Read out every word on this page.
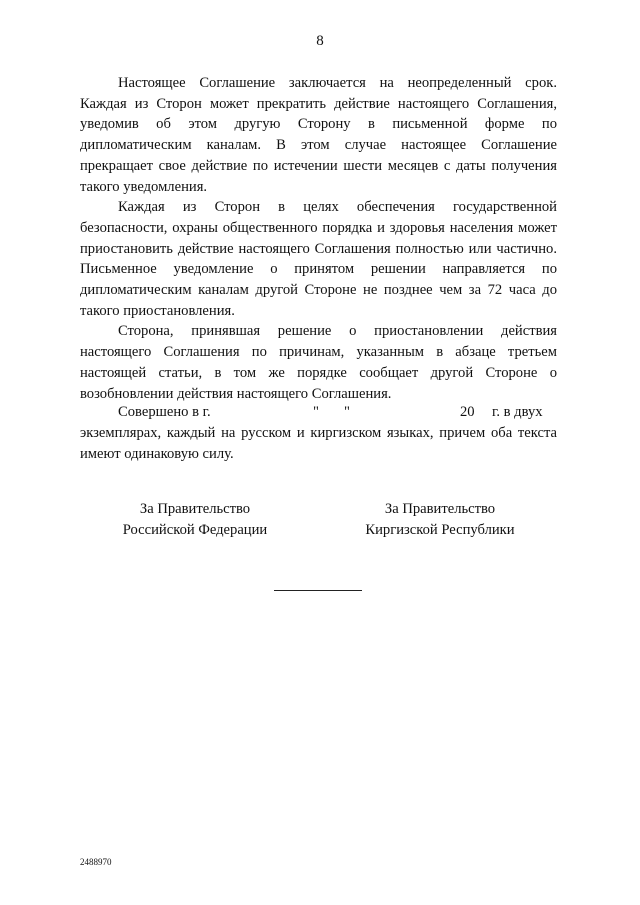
8

Настоящее Соглашение заключается на неопределенный срок. Каждая из Сторон может прекратить действие настоящего Соглашения, уведомив об этом другую Сторону в письменной форме по дипломатическим каналам. В этом случае настоящее Соглашение прекращает свое действие по истечении шести месяцев с даты получения такого уведомления.

Каждая из Сторон в целях обеспечения государственной безопасности, охраны общественного порядка и здоровья населения может приостановить действие настоящего Соглашения полностью или частично. Письменное уведомление о принятом решении направляется по дипломатическим каналам другой Стороне не позднее чем за 72 часа до такого приостановления.

Сторона, принявшая решение о приостановлении действия настоящего Соглашения по причинам, указанным в абзаце третьем настоящей статьи, в том же порядке сообщает другой Стороне о возобновлении действия настоящего Соглашения.

Совершено в г.	" "	20 г. в двух

экземплярах, каждый на русском и киргизском языках, причем оба текста имеют одинаковую силу.

За Правительство
Российской Федерации
За Правительство
Киргизской Республики
2488970
